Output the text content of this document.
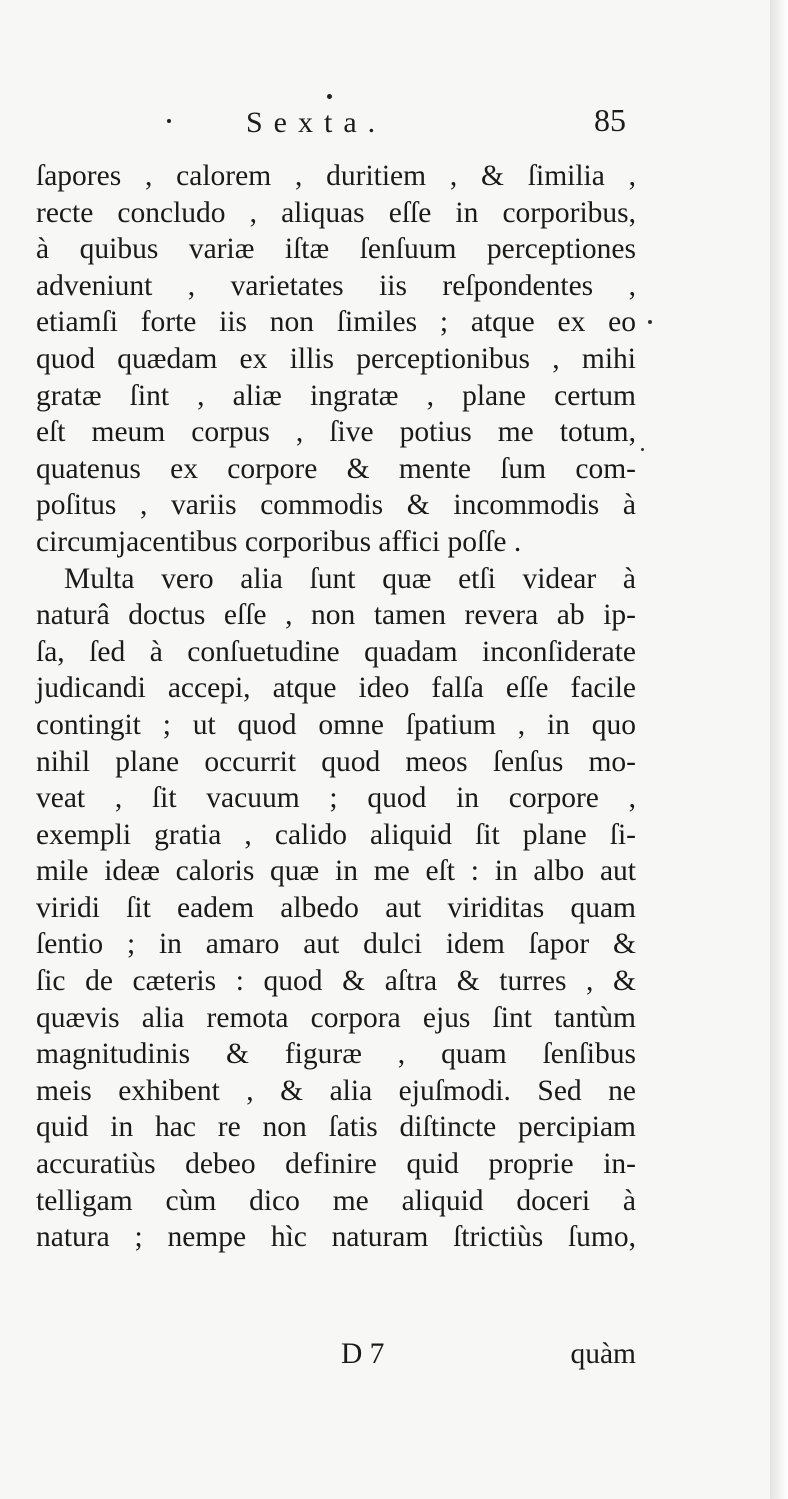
Sexta.	85
ſapores , calorem , duritiem , & ſimilia ,
recte concludo , aliquas eſſe in corporibus,
à quibus variæ iſtæ ſenſuum perceptiones
adveniunt , varietates iis reſpondentes ,
etiamſi forte iis non ſimiles ; atque ex eo
quod quædam ex illis perceptionibus , mihi
gratæ ſint , aliæ ingratæ , plane certum
eſt meum corpus , ſive potius me totum,
quatenus ex corpore & mente ſum com-
poſitus , variis commodis & incommodis à
circumjacentibus corporibus affici poſſe .
Multa vero alia ſunt quæ etſi videar à
naturâ doctus eſſe , non tamen revera ab ip-
ſa, ſed à conſuetudine quadam inconſiderate
judicandi accepi, atque ideo falſa eſſe facile
contingit ; ut quod omne ſpatium , in quo
nihil plane occurrit quod meos ſenſus mo-
veat , ſit vacuum ; quod in corpore ,
exempli gratia , calido aliquid ſit plane ſi-
mile ideæ caloris quæ in me eſt : in albo aut
viridi ſit eadem albedo aut viriditas quam
ſentio ; in amaro aut dulci idem ſapor &
ſic de cæteris : quod & aſtra & turres , &
quævis alia remota corpora ejus ſint tantùm
magnitudinis & figuræ , quam ſenſibus
meis exhibent , & alia ejuſmodi. Sed ne
quid in hac re non ſatis diſtincte percipiam
accuratiùs debeo definire quid proprie in-
telligam cùm dico me aliquid doceri à
natura ; nempe hìc naturam ſtrictiùs ſumo,
D 7	quàm
